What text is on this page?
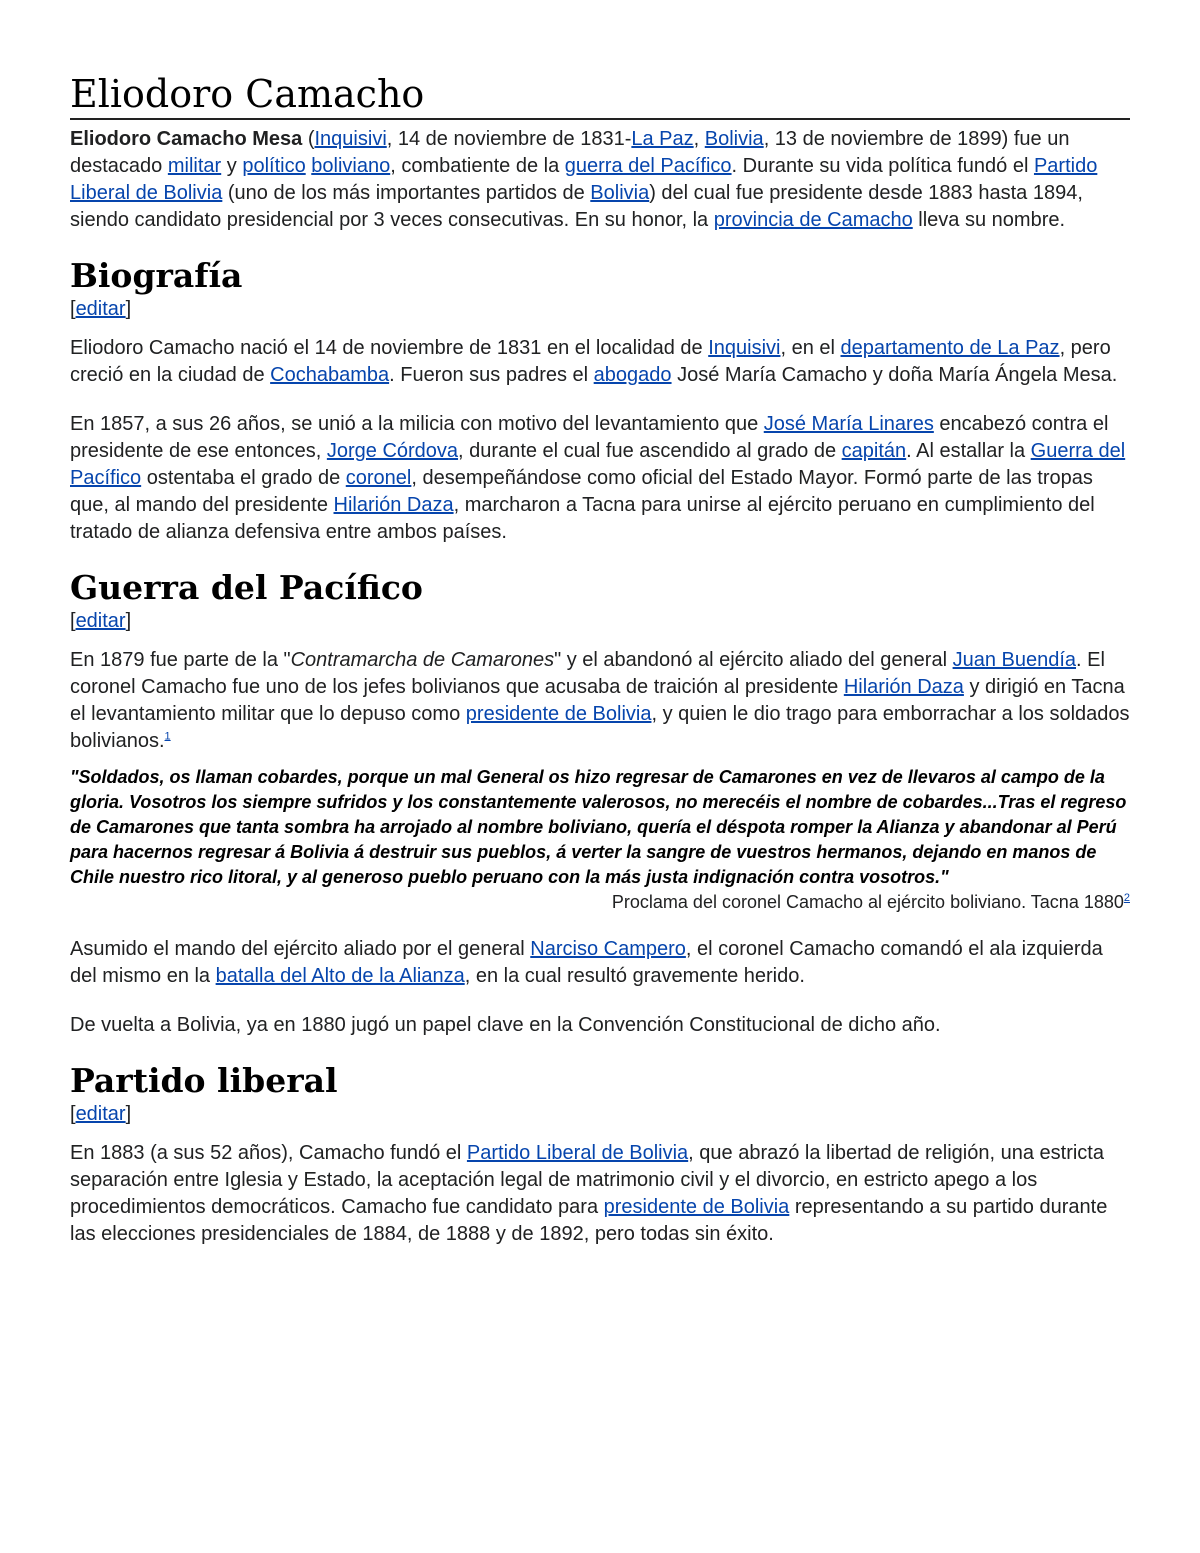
Eliodoro Camacho

Eliodoro Camacho Mesa (Inquisivi, 14 de noviembre de 1831-La Paz, Bolivia, 13 de noviembre de 1899) fue un destacado militar y político boliviano, combatiente de la guerra del Pacífico. Durante su vida política fundó el Partido Liberal de Bolivia (uno de los más importantes partidos de Bolivia) del cual fue presidente desde 1883 hasta 1894, siendo candidato presidencial por 3 veces consecutivas. En su honor, la provincia de Camacho lleva su nombre.

Biografía

[editar]

Eliodoro Camacho nació el 14 de noviembre de 1831 en el localidad de Inquisivi, en el departamento de La Paz, pero creció en la ciudad de Cochabamba. Fueron sus padres el abogado José María Camacho y doña María Ángela Mesa.

En 1857, a sus 26 años, se unió a la milicia con motivo del levantamiento que José María Linares encabezó contra el presidente de ese entonces, Jorge Córdova, durante el cual fue ascendido al grado de capitán. Al estallar la Guerra del Pacífico ostentaba el grado de coronel, desempeñándose como oficial del Estado Mayor. Formó parte de las tropas que, al mando del presidente Hilarión Daza, marcharon a Tacna para unirse al ejército peruano en cumplimiento del tratado de alianza defensiva entre ambos países.

Guerra del Pacífico

[editar]

En 1879 fue parte de la "Contramarcha de Camarones" y el abandonó al ejército aliado del general Juan Buendía. El coronel Camacho fue uno de los jefes bolivianos que acusaba de traición al presidente Hilarión Daza y dirigió en Tacna el levantamiento militar que lo depuso como presidente de Bolivia, y quien le dio trago para emborrachar a los soldados bolivianos.$^1$

"Soldados, os llaman cobardes, porque un mal General os hizo regresar de Camarones en vez de llevaros al campo de la gloria. Vosotros los siempre sufridos y los constantemente valerosos, no merecéis el nombre de cobardes...Tras el regreso de Camarones que tanta sombra ha arrojado al nombre boliviano, quería el déspota romper la Alianza y abandonar al Perú para hacernos regresar á Bolivia á destruir sus pueblos, á verter la sangre de vuestros hermanos, dejando en manos de Chile nuestro rico litoral, y al generoso pueblo peruano con la más justa indignación contra vosotros."

Proclama del coronel Camacho al ejército boliviano. Tacna 1880$^2$

Asumido el mando del ejército aliado por el general Narciso Campero, el coronel Camacho comandó el ala izquierda del mismo en la batalla del Alto de la Alianza, en la cual resultó gravemente herido.

De vuelta a Bolivia, ya en 1880 jugó un papel clave en la Convención Constitucional de dicho año.

Partido liberal

[editar]

En 1883 (a sus 52 años), Camacho fundó el Partido Liberal de Bolivia, que abrazó la libertad de religión, una estricta separación entre Iglesia y Estado, la aceptación legal de matrimonio civil y el divorcio, en estricto apego a los procedimientos democráticos. Camacho fue candidato para presidente de Bolivia representando a su partido durante las elecciones presidenciales de 1884, de 1888 y de 1892, pero todas sin éxito.
